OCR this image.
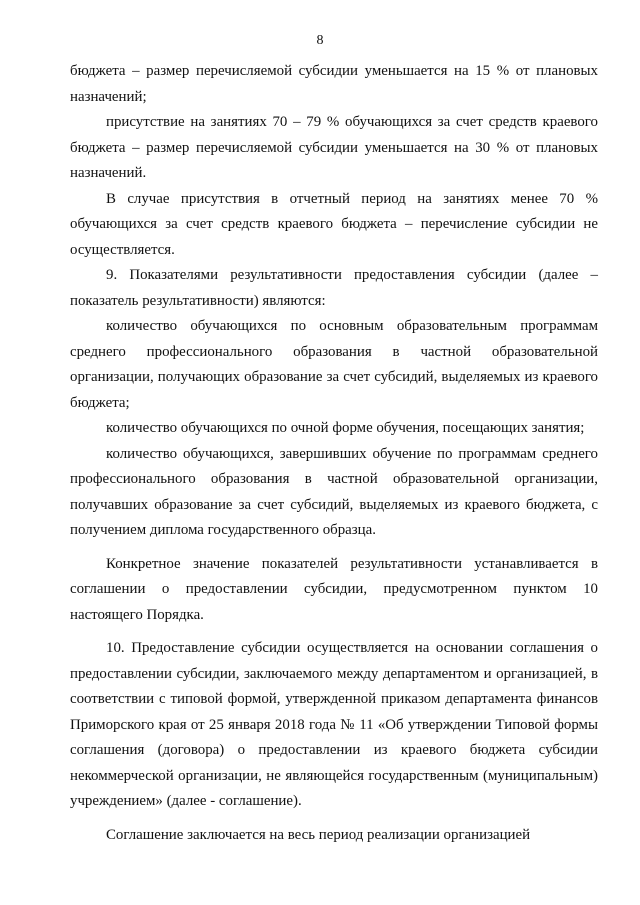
8

бюджета – размер перечисляемой субсидии уменьшается на 15 % от плановых назначений;

присутствие на занятиях 70 – 79 % обучающихся за счет средств краевого бюджета – размер перечисляемой субсидии уменьшается на 30 % от плановых назначений.

В случае присутствия в отчетный период на занятиях менее 70 % обучающихся за счет средств краевого бюджета – перечисление субсидии не осуществляется.

9. Показателями результативности предоставления субсидии (далее – показатель результативности) являются:

количество обучающихся по основным образовательным программам среднего профессионального образования в частной образовательной организации, получающих образование за счет субсидий, выделяемых из краевого бюджета;

количество обучающихся по очной форме обучения, посещающих занятия;

количество обучающихся, завершивших обучение по программам среднего профессионального образования в частной образовательной организации, получавших образование за счет субсидий, выделяемых из краевого бюджета, с получением диплома государственного образца.

Конкретное значение показателей результативности устанавливается в соглашении о предоставлении субсидии, предусмотренном пунктом 10 настоящего Порядка.

10. Предоставление субсидии осуществляется на основании соглашения о предоставлении субсидии, заключаемого между департаментом и организацией, в соответствии с типовой формой, утвержденной приказом департамента финансов Приморского края от 25 января 2018 года № 11 «Об утверждении Типовой формы соглашения (договора) о предоставлении из краевого бюджета субсидии некоммерческой организации, не являющейся государственным (муниципальным) учреждением» (далее - соглашение).

Соглашение заключается на весь период реализации организацией
